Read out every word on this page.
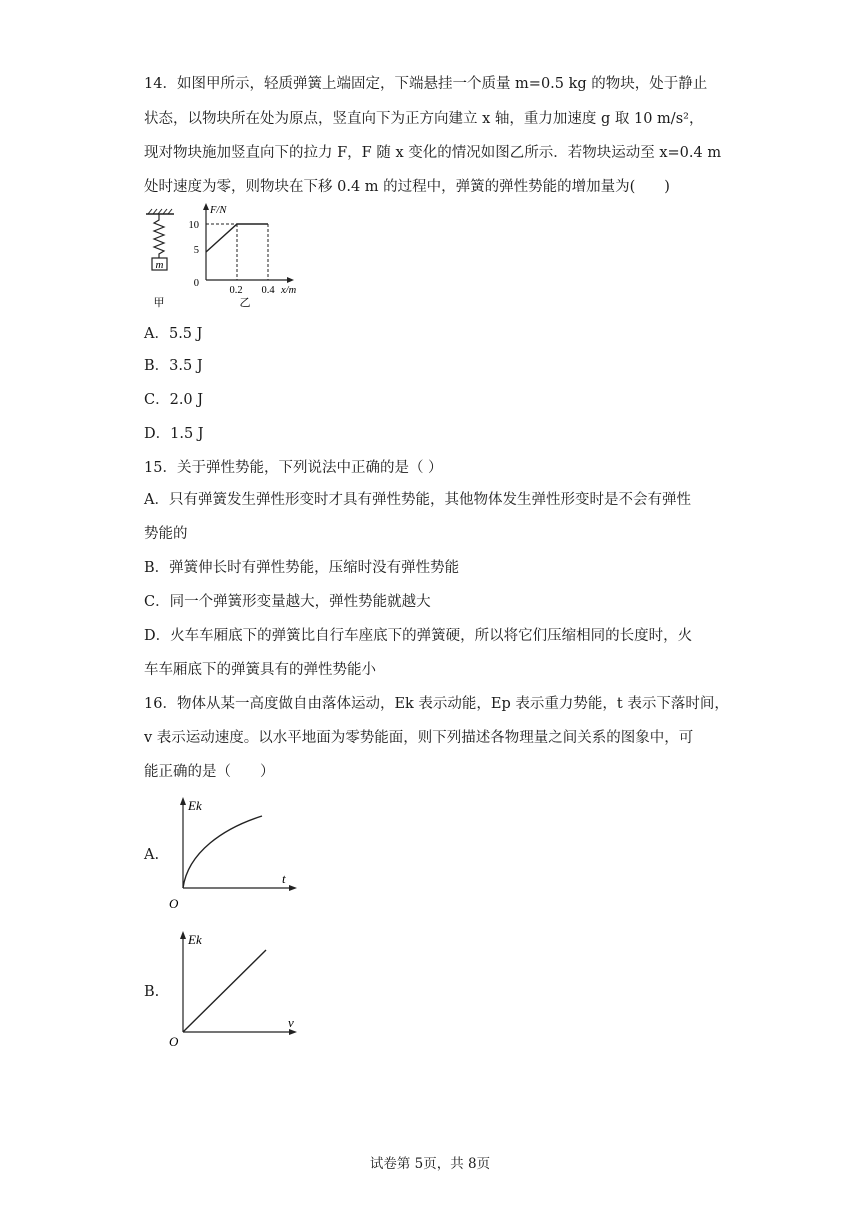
14．如图甲所示，轻质弹簧上端固定，下端悬挂一个质量 m=0.5 kg 的物块，处于静止
状态，以物块所在处为原点，竖直向下为正方向建立 x 轴，重力加速度 g 取 10 m/s²，
现对物块施加竖直向下的拉力 F，F 随 x 变化的情况如图乙所示．若物块运动至 x=0.4 m
处时速度为零，则物块在下移 0.4 m 的过程中，弹簧的弹性势能的增加量为(　　)
m
甲
F/N
10
5
0
0.2 0.4 x/m
乙
A．5.5 J
B．3.5 J
C．2.0 J
D．1.5 J
15．关于弹性势能，下列说法中正确的是（ ）
A．只有弹簧发生弹性形变时才具有弹性势能，其他物体发生弹性形变时是不会有弹性
势能的
B．弹簧伸长时有弹性势能，压缩时没有弹性势能
C．同一个弹簧形变量越大，弹性势能就越大
D．火车车厢底下的弹簧比自行车座底下的弹簧硬，所以将它们压缩相同的长度时，火
车车厢底下的弹簧具有的弹性势能小
16．物体从某一高度做自由落体运动，Ek 表示动能，Ep 表示重力势能，t 表示下落时间，
v 表示运动速度。以水平地面为零势能面，则下列描述各物理量之间关系的图象中，可
能正确的是（　　）
A.
Ek
t
O
B.
Ek
v
O
试卷第 5页，共 8页
